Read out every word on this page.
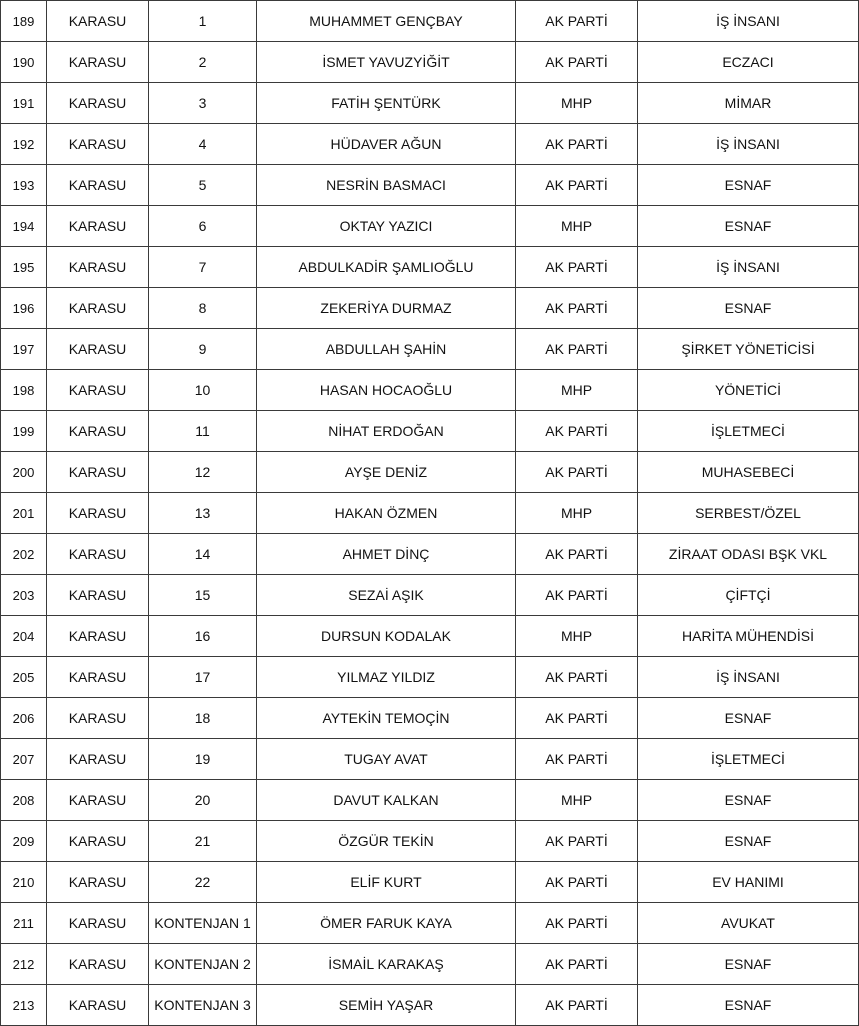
189	KARASU	1	MUHAMMET GENÇBAY	AK PARTİ	İŞ İNSANI
190	KARASU	2	İSMET YAVUZYİĞİT	AK PARTİ	ECZACI
191	KARASU	3	FATİH ŞENTÜRK	MHP	MİMAR
192	KARASU	4	HÜDAVER AĞUN	AK PARTİ	İŞ İNSANI
193	KARASU	5	NESRİN BASMACI	AK PARTİ	ESNAF
194	KARASU	6	OKTAY YAZICI	MHP	ESNAF
195	KARASU	7	ABDULKADİR ŞAMLIOĞLU	AK PARTİ	İŞ İNSANI
196	KARASU	8	ZEKERİYA DURMAZ	AK PARTİ	ESNAF
197	KARASU	9	ABDULLAH ŞAHİN	AK PARTİ	ŞİRKET YÖNETİCİSİ
198	KARASU	10	HASAN HOCAOĞLU	MHP	YÖNETİCİ
199	KARASU	11	NİHAT ERDOĞAN	AK PARTİ	İŞLETMECİ
200	KARASU	12	AYŞE DENİZ	AK PARTİ	MUHASEBECİ
201	KARASU	13	HAKAN ÖZMEN	MHP	SERBEST/ÖZEL
202	KARASU	14	AHMET DİNÇ	AK PARTİ	ZİRAAT ODASI BŞK VKL
203	KARASU	15	SEZAİ AŞIK	AK PARTİ	ÇİFTÇİ
204	KARASU	16	DURSUN KODALAK	MHP	HARİTA MÜHENDİSİ
205	KARASU	17	YILMAZ YILDIZ	AK PARTİ	İŞ İNSANI
206	KARASU	18	AYTEKİN TEMOÇİN	AK PARTİ	ESNAF
207	KARASU	19	TUGAY AVAT	AK PARTİ	İŞLETMECİ
208	KARASU	20	DAVUT KALKAN	MHP	ESNAF
209	KARASU	21	ÖZGÜR TEKİN	AK PARTİ	ESNAF
210	KARASU	22	ELİF KURT	AK PARTİ	EV HANIMI
211	KARASU	KONTENJAN 1	ÖMER FARUK KAYA	AK PARTİ	AVUKAT
212	KARASU	KONTENJAN 2	İSMAİL KARAKAŞ	AK PARTİ	ESNAF
213	KARASU	KONTENJAN 3	SEMİH YAŞAR	AK PARTİ	ESNAF
